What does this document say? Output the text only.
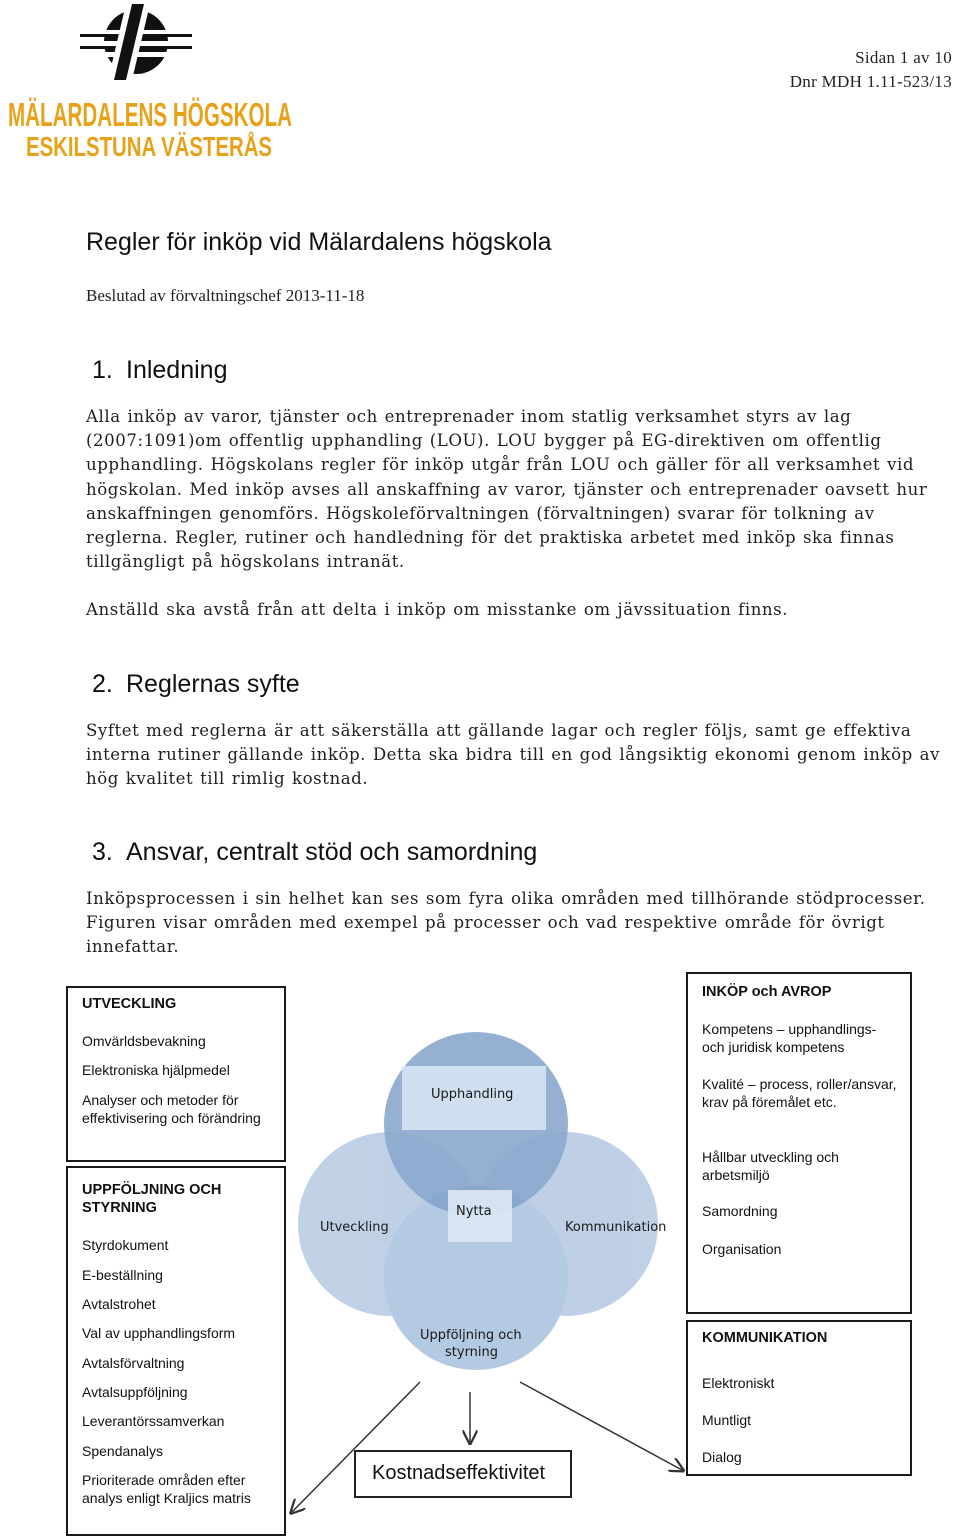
MÄLARDALENS HÖGSKOLA
ESKILSTUNA VÄSTERÅS
Sidan 1 av 10
Dnr MDH 1.11-523/13
Regler för inköp vid Mälardalens högskola
Beslutad av förvaltningschef 2013-11-18
1. Inledning

Alla inköp av varor, tjänster och entreprenader inom statlig verksamhet styrs av lag (2007:1091)om offentlig upphandling (LOU). LOU bygger på EG-direktiven om offentlig upphandling. Högskolans regler för inköp utgår från LOU och gäller för all verksamhet vid högskolan. Med inköp avses all anskaffning av varor, tjänster och entreprenader oavsett hur anskaffningen genomförs. Högskoleförvaltningen (förvaltningen) svarar för tolkning av reglerna. Regler, rutiner och handledning för det praktiska arbetet med inköp ska finnas tillgängligt på högskolans intranät.

Anställd ska avstå från att delta i inköp om misstanke om jävssituation finns.

2. Reglernas syfte

Syftet med reglerna är att säkerställa att gällande lagar och regler följs, samt ge effektiva interna rutiner gällande inköp. Detta ska bidra till en god långsiktig ekonomi genom inköp av hög kvalitet till rimlig kostnad.

3. Ansvar, centralt stöd och samordning

Inköpsprocessen i sin helhet kan ses som fyra olika områden med tillhörande stödprocesser. Figuren visar områden med exempel på processer och vad respektive område för övrigt innefattar.

UTVECKLING
Omvärldsbevakning
Elektroniska hjälpmedel
Analyser och metoder för effektivisering och förändring
UPPFÖLJNING OCH STYRNING
Styrdokument
E-beställning
Avtalstrohet
Val av upphandlingsform
Avtalsförvaltning
Avtalsuppföljning
Leverantörssamverkan
Spendanalys
Prioriterade områden efter analys enligt Kraljics matris
INKÖP och AVROP
Kompetens – upphandlings- och juridisk kompetens
Kvalité – process, roller/ansvar, krav på föremålet etc.
Hållbar utveckling och arbetsmiljö
Samordning
Organisation
KOMMUNIKATION
Elektroniskt
Muntligt
Dialog
Upphandling
Utveckling	Kommunikation
Nytta
Uppföljning och
styrning
Kostnadseffektivitet
